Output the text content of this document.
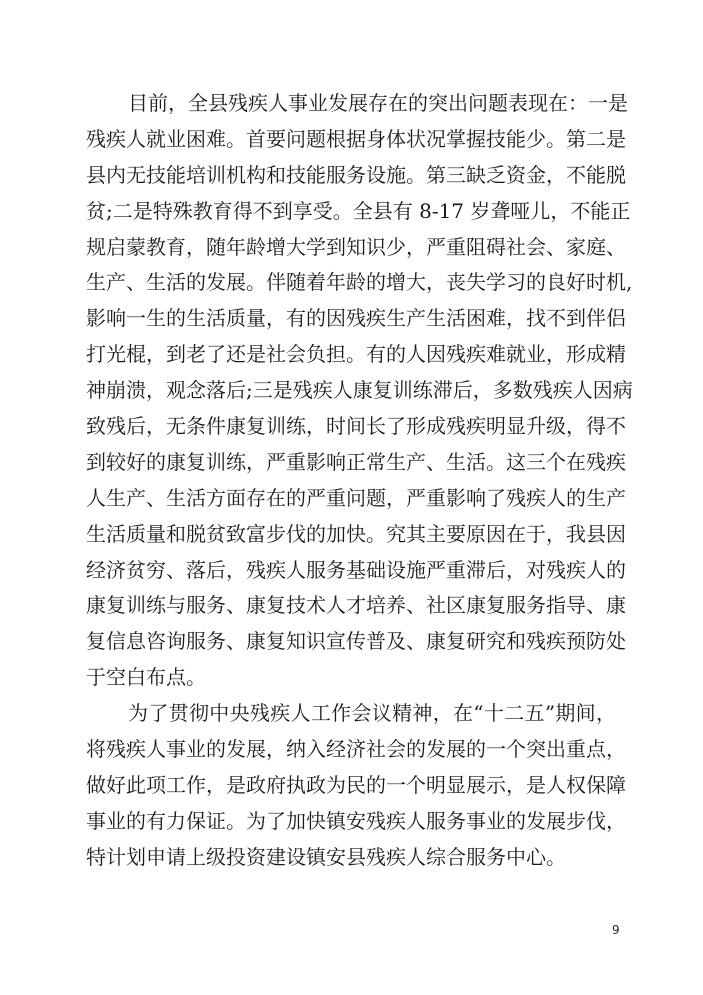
目前，全县残疾人事业发展存在的突出问题表现在：一是
残疾人就业困难。首要问题根据身体状况掌握技能少。第二是
县内无技能培训机构和技能服务设施。第三缺乏资金，不能脱
贫;二是特殊教育得不到享受。全县有 8-17 岁聋哑儿，不能正
规启蒙教育，随年龄增大学到知识少，严重阻碍社会、家庭、
生产、生活的发展。伴随着年龄的增大，丧失学习的良好时机,
影响一生的生活质量，有的因残疾生产生活困难，找不到伴侣
打光棍，到老了还是社会负担。有的人因残疾难就业，形成精
神崩溃，观念落后;三是残疾人康复训练滞后，多数残疾人因病
致残后，无条件康复训练，时间长了形成残疾明显升级，得不
到较好的康复训练，严重影响正常生产、生活。这三个在残疾
人生产、生活方面存在的严重问题，严重影响了残疾人的生产
生活质量和脱贫致富步伐的加快。究其主要原因在于，我县因
经济贫穷、落后，残疾人服务基础设施严重滞后，对残疾人的
康复训练与服务、康复技术人才培养、社区康复服务指导、康
复信息咨询服务、康复知识宣传普及、康复研究和残疾预防处
于空白布点。
为了贯彻中央残疾人工作会议精神，在“十二五”期间，
将残疾人事业的发展，纳入经济社会的发展的一个突出重点，
做好此项工作，是政府执政为民的一个明显展示，是人权保障
事业的有力保证。为了加快镇安残疾人服务事业的发展步伐，
特计划申请上级投资建设镇安县残疾人综合服务中心。
9
